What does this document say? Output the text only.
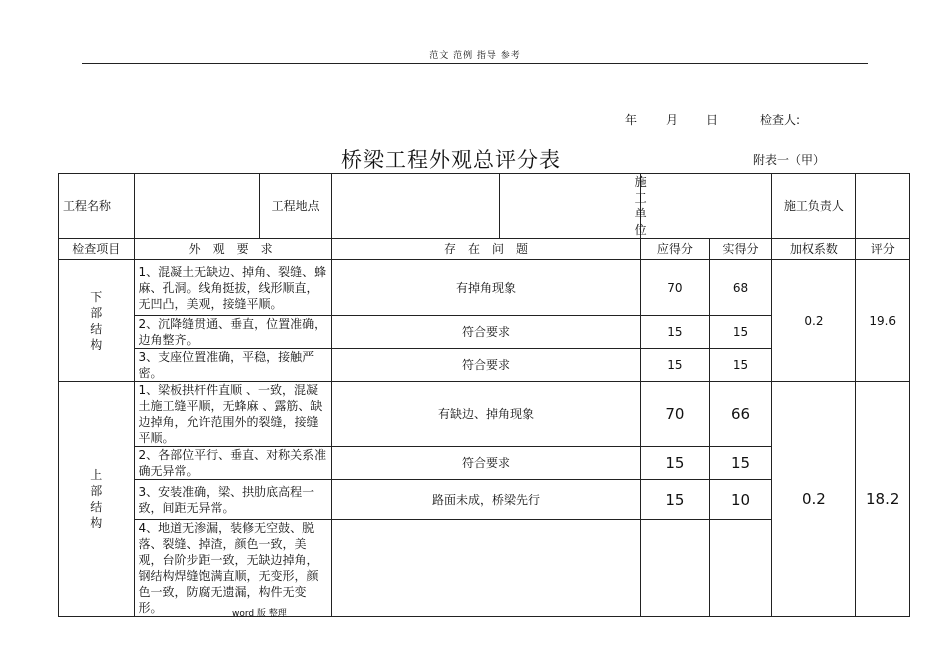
范文 范例 指导 参考
年 月 日	检查人:
桥梁工程外观总评分表	附表一（甲）
工程名称		工程地点		施工单位			施工负责人	
检查项目	外　观　要　求		存　在　问　题		应得分	实得分	加权系数	评分

下
部
结
构	1、混凝土无缺边、掉角、裂缝、蜂麻、孔洞。线角挺拔，线形顺直，无凹凸，美观，接缝平顺。		有掉角现象		70	68	0.2	19.6
	2、沉降缝贯通、垂直，位置准确，边角整齐。		符合要求		15	15		
	3、支座位置准确，平稳，接触严密。		符合要求		15	15		

上
部
结
构	1、梁板拱杆件直顺 、一致，混凝土施工缝平顺，无蜂麻 、露筋、缺边掉角，允许范围外的裂缝，接缝平顺。		有缺边、掉角现象		70	66	0.2	18.2
	2、各部位平行、垂直、对称关系准确无异常。		符合要求		15	15		
	3、安装准确，梁、拱肋底高程一致，间距无异常。		路面未成，桥梁先行		15	10		
	4、地道无渗漏，装修无空鼓、脱落、裂缝、掉渣，颜色一致，美观，台阶步距一致，无缺边掉角，钢结构焊缝饱满直顺，无变形，颜色一致，防腐无遗漏，构件无变形。								word 版 整理
